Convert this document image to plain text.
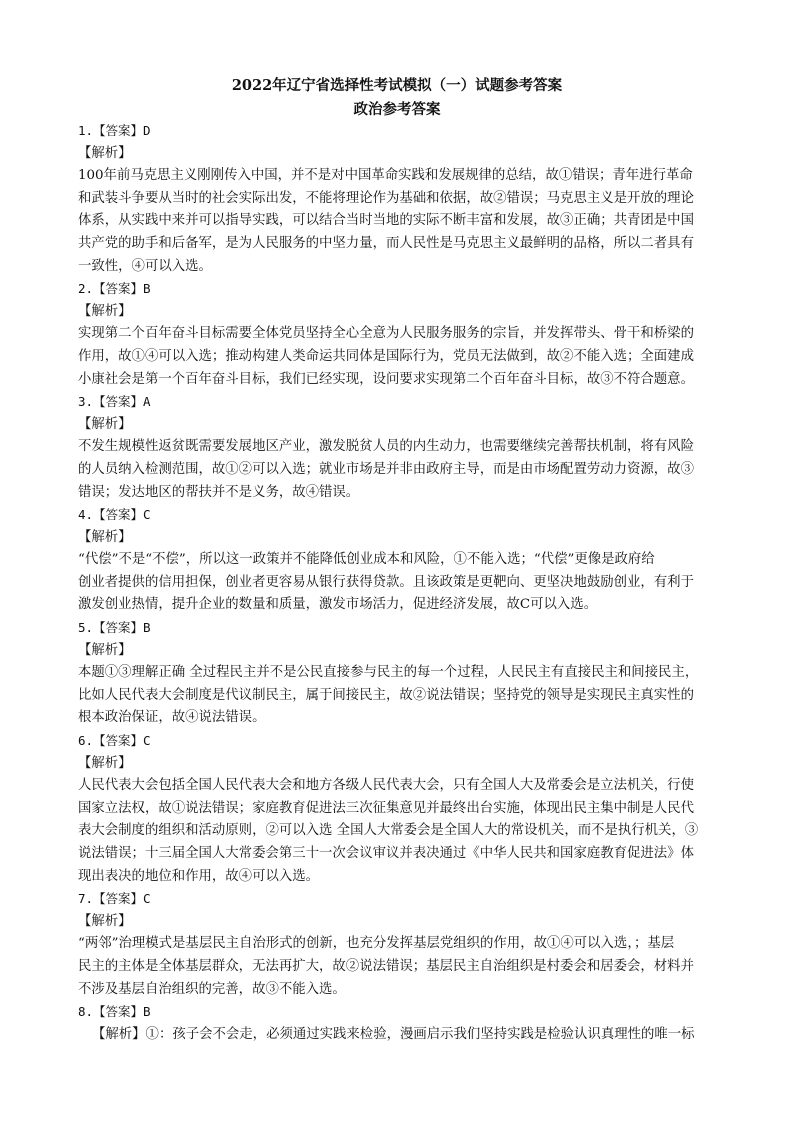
2022年辽宁省选择性考试模拟（一）试题参考答案

政治参考答案

1.【答案】D
【解析】
100年前马克思主义刚刚传入中国，并不是对中国革命实践和发展规律的总结，故①错误；青年进行革命
和武装斗争要从当时的社会实际出发，不能将理论作为基础和依据，故②错误；马克思主义是开放的理论
体系，从实践中来并可以指导实践，可以结合当时当地的实际不断丰富和发展，故③正确；共青团是中国
共产党的助手和后备军，是为人民服务的中坚力量，而人民性是马克思主义最鲜明的品格，所以二者具有
一致性，④可以入选。
2.【答案】B
【解析】
实现第二个百年奋斗目标需要全体党员坚持全心全意为人民服务服务的宗旨，并发挥带头、骨干和桥梁的
作用，故①④可以入选；推动构建人类命运共同体是国际行为，党员无法做到，故②不能入选；全面建成
小康社会是第一个百年奋斗目标，我们已经实现，设问要求实现第二个百年奋斗目标，故③不符合题意。
3.【答案】A
【解析】
不发生规模性返贫既需要发展地区产业，激发脱贫人员的内生动力，也需要继续完善帮扶机制，将有风险
的人员纳入检测范围，故①②可以入选；就业市场是并非由政府主导，而是由市场配置劳动力资源，故③
错误；发达地区的帮扶并不是义务，故④错误。
4.【答案】C
【解析】
“代偿”不是“不偿”，所以这一政策并不能降低创业成本和风险，①不能入选；“代偿”更像是政府给
创业者提供的信用担保，创业者更容易从银行获得贷款。且该政策是更靶向、更坚决地鼓励创业，有利于
激发创业热情，提升企业的数量和质量，激发市场活力，促进经济发展，故C可以入选。
5.【答案】B
【解析】
本题①③理解正确 全过程民主并不是公民直接参与民主的每一个过程，人民民主有直接民主和间接民主，
比如人民代表大会制度是代议制民主，属于间接民主，故②说法错误；坚持党的领导是实现民主真实性的
根本政治保证，故④说法错误。
6.【答案】C
【解析】
人民代表大会包括全国人民代表大会和地方各级人民代表大会，只有全国人大及常委会是立法机关，行使
国家立法权，故①说法错误；家庭教育促进法三次征集意见并最终出台实施，体现出民主集中制是人民代
表大会制度的组织和活动原则，②可以入选 全国人大常委会是全国人大的常设机关，而不是执行机关，③
说法错误；十三届全国人大常委会第三十一次会议审议并表决通过《中华人民共和国家庭教育促进法》体
现出表决的地位和作用，故④可以入选。
7.【答案】C
【解析】
“两邻”治理模式是基层民主自治形式的创新，也充分发挥基层党组织的作用，故①④可以入选，；基层
民主的主体是全体基层群众，无法再扩大，故②说法错误；基层民主自治组织是村委会和居委会，材料并
不涉及基层自治组织的完善，故③不能入选。
8.【答案】B
【解析】①：孩子会不会走，必须通过实践来检验，漫画启示我们坚持实践是检验认识真理性的唯一标
